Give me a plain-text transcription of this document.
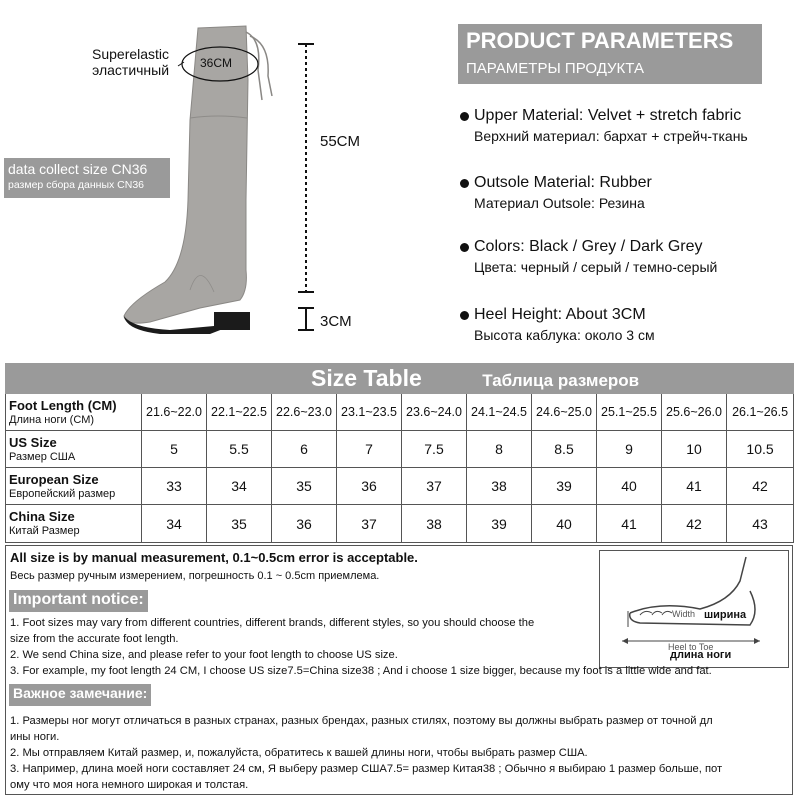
Superelastic
эластичный	36CM
55CM
3CM
data collect size CN36
размер сбора данных CN36
PRODUCT PARAMETERS
ПАРАМЕТРЫ ПРОДУКТА
Upper Material: Velvet + stretch fabric
Верхний материал: бархат + стрейч-ткань
Outsole Material: Rubber
Материал Outsole: Резина
Colors: Black / Grey / Dark Grey
Цвета: черный / серый / темно-серый
Heel Height: About 3CM
Высота каблука: около 3 см
Size Table Таблица размеров										

Foot Length (CM)
Длина ноги (CM)	21.6~22.0	22.1~22.5	22.6~23.0	23.1~23.5	23.6~24.0	24.1~24.5	24.6~25.0	25.1~25.5	25.6~26.0	26.1~26.5

US Size
Размер США	5	5.5	6	7	7.5	8	8.5	9	10	10.5

European Size
Европейский размер	33	34	35	36	37	38	39	40	41	42

China Size
Китай Размер	34	35	36	37	38	39	40	41	42	43
All size is by manual measurement, 0.1~0.5cm error is acceptable.
Весь размер ручным измерением, погрешность 0.1 ~ 0.5cm приемлема.
Heel to Toe
Width ширина
длина ноги
Important notice:
1. Foot sizes may vary from different countries, different brands, different styles, so you should choose the
size from the accurate foot length.
2. We send China size, and please refer to your foot length to choose US size.
3. For example, my foot length 24 CM, I choose US size7.5=China size38 ; And i choose 1 size bigger, because my foot is a little wide and fat.
Важное замечание:
1. Размеры ног могут отличаться в разных странах, разных брендах, разных стилях, поэтому вы должны выбрать размер от точной дл
ины ноги.
2. Мы отправляем Китай размер, и, пожалуйста, обратитесь к вашей длины ноги, чтобы выбрать размер США.
3. Например, длина моей ноги составляет 24 см, Я выберу размер США7.5= размер Китая38 ; Обычно я выбираю 1 размер больше, пот
ому что моя нога немного широкая и толстая.
